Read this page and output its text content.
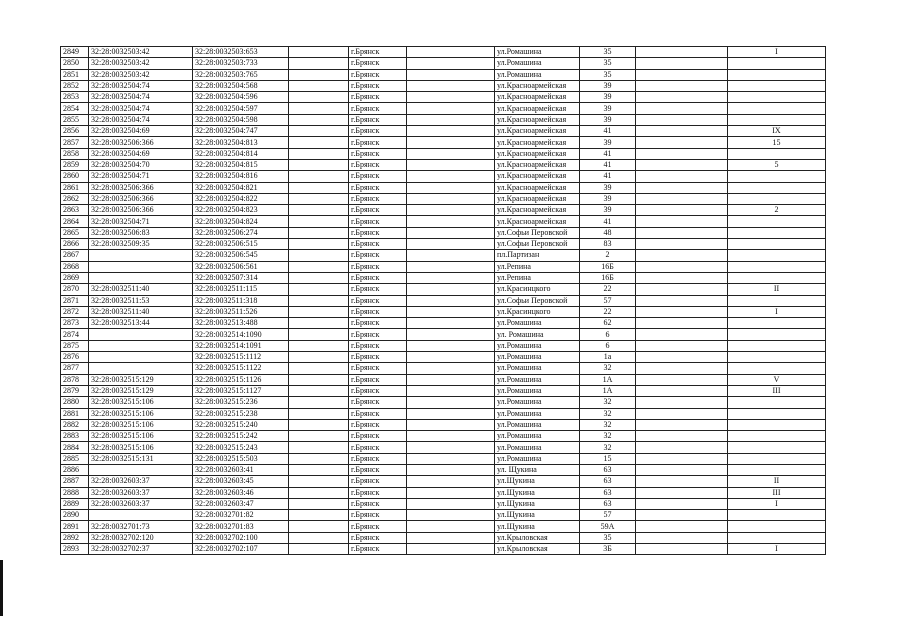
2849	32:28:0032503:42	32:28:0032503:653		г.Брянск		ул.Ромашина	35		I
2850	32:28:0032503:42	32:28:0032503:733		г.Брянск		ул.Ромашина	35		
2851	32:28:0032503:42	32:28:0032503:765		г.Брянск		ул.Ромашина	35		
2852	32:28:0032504:74	32:28:0032504:568		г.Брянск		ул.Красноармейская	39		
2853	32:28:0032504:74	32:28:0032504:596		г.Брянск		ул.Красноармейская	39		
2854	32:28:0032504:74	32:28:0032504:597		г.Брянск		ул.Красноармейская	39		
2855	32:28:0032504:74	32:28:0032504:598		г.Брянск		ул.Красноармейская	39		
2856	32:28:0032504:69	32:28:0032504:747		г.Брянск		ул.Красноармейская	41		IX
2857	32:28:0032506:366	32:28:0032504:813		г.Брянск		ул.Красноармейская	39		15
2858	32:28:0032504:69	32:28:0032504:814		г.Брянск		ул.Красноармейская	41		
2859	32:28:0032504:70	32:28:0032504:815		г.Брянск		ул.Красноармейская	41		5
2860	32:28:0032504:71	32:28:0032504:816		г.Брянск		ул.Красноармейская	41		
2861	32:28:0032506:366	32:28:0032504:821		г.Брянск		ул.Красноармейская	39		
2862	32:28:0032506:366	32:28:0032504:822		г.Брянск		ул.Красноармейская	39		
2863	32:28:0032506:366	32:28:0032504:823		г.Брянск		ул.Красноармейская	39		2
2864	32:28:0032504:71	32:28:0032504:824		г.Брянск		ул.Красноармейская	41		
2865	32:28:0032506:83	32:28:0032506:274		г.Брянск		ул.Софьи Перовской	48		
2866	32:28:0032509:35	32:28:0032506:515		г.Брянск		ул.Софьи Перовской	83		
2867		32:28:0032506:545		г.Брянск		пл.Партизан	2		
2868		32:28:0032506:561		г.Брянск		ул.Репина	16Б		
2869		32:28:0032507:314		г.Брянск		ул.Репина	16Б		
2870	32:28:0032511:40	32:28:0032511:115		г.Брянск		ул.Красинцкого	22		II
2871	32:28:0032511:53	32:28:0032511:318		г.Брянск		ул.Софьи Перовской	57		
2872	32:28:0032511:40	32:28:0032511:526		г.Брянск		ул.Красинцкого	22		I
2873	32:28:0032513:44	32:28:0032513:488		г.Брянск		ул.Ромашина	62		
2874		32:28:0032514:1090		г.Брянск		ул. Ромашина	6		
2875		32:28:0032514:1091		г.Брянск		ул.Ромашина	6		
2876		32:28:0032515:1112		г.Брянск		ул.Ромашина	1а		
2877		32:28:0032515:1122		г.Брянск		ул.Ромашина	32		
2878	32:28:0032515:129	32:28:0032515:1126		г.Брянск		ул.Ромашина	1А		V
2879	32:28:0032515:129	32:28:0032515:1127		г.Брянск		ул.Ромашина	1А		III
2880	32:28:0032515:106	32:28:0032515:236		г.Брянск		ул.Ромашина	32		
2881	32:28:0032515:106	32:28:0032515:238		г.Брянск		ул.Ромашина	32		
2882	32:28:0032515:106	32:28:0032515:240		г.Брянск		ул.Ромашина	32		
2883	32:28:0032515:106	32:28:0032515:242		г.Брянск		ул.Ромашина	32		
2884	32:28:0032515:106	32:28:0032515:243		г.Брянск		ул.Ромашина	32		
2885	32:28:0032515:131	32:28:0032515:503		г.Брянск		ул.Ромашина	15		
2886		32:28:0032603:41		г.Брянск		ул. Щукина	63		
2887	32:28:0032603:37	32:28:0032603:45		г.Брянск		ул.Щукина	63		II
2888	32:28:0032603:37	32:28:0032603:46		г.Брянск		ул.Щукина	63		III
2889	32:28:0032603:37	32:28:0032603:47		г.Брянск		ул.Щукина	63		I
2890		32:28:0032701:82		г.Брянск		ул.Щукина	57		
2891	32:28:0032701:73	32:28:0032701:83		г.Брянск		ул.Щукина	59А		
2892	32:28:0032702:120	32:28:0032702:100		г.Брянск		ул.Крыловская	35		
2893	32:28:0032702:37	32:28:0032702:107		г.Брянск		ул.Крыловская	3Б		I
